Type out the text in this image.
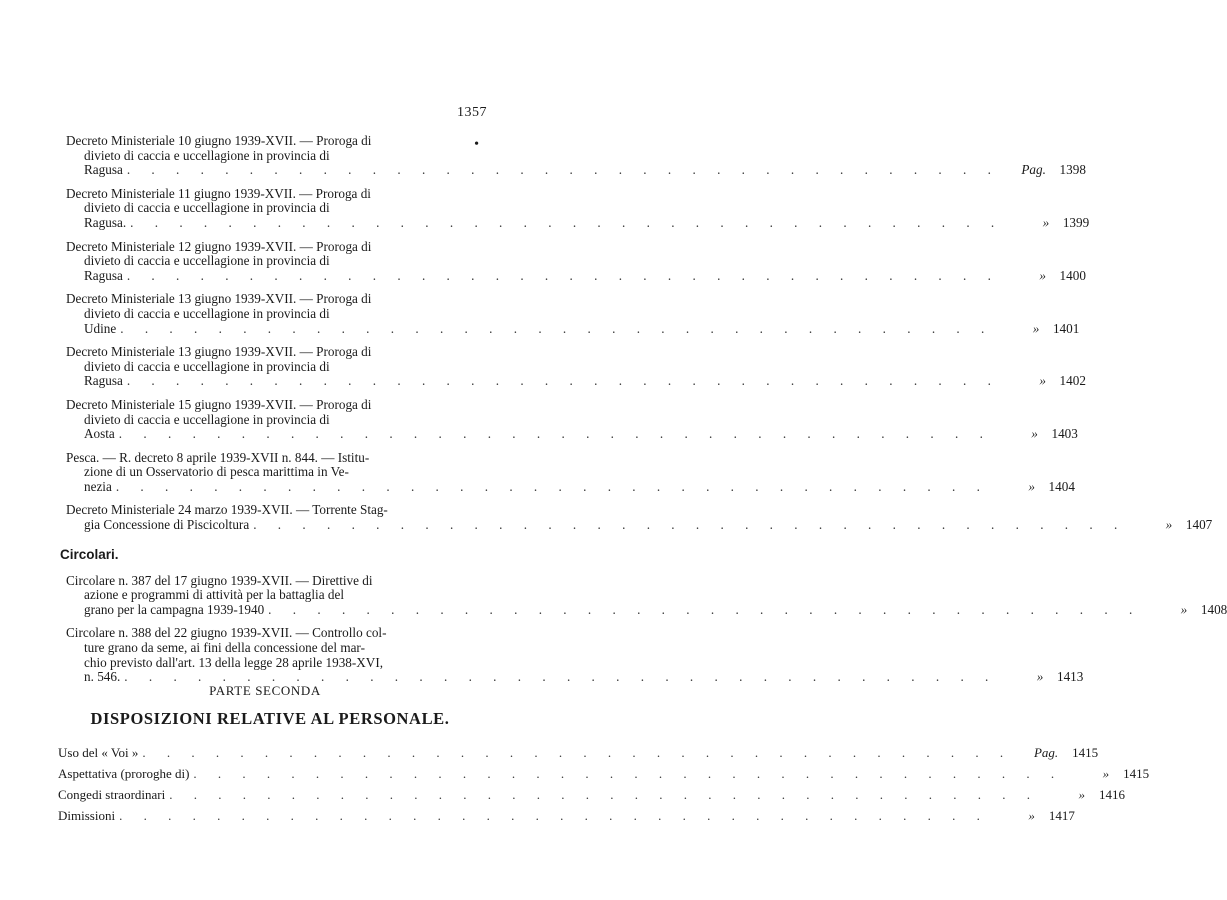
1357
•
Decreto Ministeriale 10 giugno 1939-XVII. — Proroga di
divieto di caccia e uccellagione in provincia di
Ragusa . . . . . . . . . . . . . . . . . . . . . . . . . . . . . . . . . . . .	Pag.	1398
Decreto Ministeriale 11 giugno 1939-XVII. — Proroga di
divieto di caccia e uccellagione in provincia di
Ragusa. . . . . . . . . . . . . . . . . . . . . . . . . . . . . . . . . . . . .	»	1399
Decreto Ministeriale 12 giugno 1939-XVII. — Proroga di
divieto di caccia e uccellagione in provincia di
Ragusa . . . . . . . . . . . . . . . . . . . . . . . . . . . . . . . . . . . .	»	1400
Decreto Ministeriale 13 giugno 1939-XVII. — Proroga di
divieto di caccia e uccellagione in provincia di
Udine . . . . . . . . . . . . . . . . . . . . . . . . . . . . . . . . . . . .	»	1401
Decreto Ministeriale 13 giugno 1939-XVII. — Proroga di
divieto di caccia e uccellagione in provincia di
Ragusa . . . . . . . . . . . . . . . . . . . . . . . . . . . . . . . . . . . .	»	1402
Decreto Ministeriale 15 giugno 1939-XVII. — Proroga di
divieto di caccia e uccellagione in provincia di
Aosta . . . . . . . . . . . . . . . . . . . . . . . . . . . . . . . . . . . .	»	1403
Pesca. — R. decreto 8 aprile 1939-XVII n. 844. — Istitu-
zione di un Osservatorio di pesca marittima in Ve-
nezia . . . . . . . . . . . . . . . . . . . . . . . . . . . . . . . . . . . .	»	1404
Decreto Ministeriale 24 marzo 1939-XVII. — Torrente Stag-
gia Concessione di Piscicoltura . . . . . . . . . . . . . . . . . . . . . . . . . . . . . . . . . . . .	»	1407
Circolari.
Circolare n. 387 del 17 giugno 1939-XVII. — Direttive di
azione e programmi di attività per la battaglia del
grano per la campagna 1939-1940 . . . . . . . . . . . . . . . . . . . . . . . . . . . . . . . . . . . .	»	1408
Circolare n. 388 del 22 giugno 1939-XVII. — Controllo col-
ture grano da seme, ai fini della concessione del mar-
chio previsto dall'art. 13 della legge 28 aprile 1938-XVI,
n. 546. . . . . . . . . . . . . . . . . . . . . . . . . . . . . . . . . . . . .	»	1413
PARTE SECONDA
DISPOSIZIONI RELATIVE AL PERSONALE.
Uso del « Voi » . . . . . . . . . . . . . . . . . . . . . . . . . . . . . . . . . . . .	Pag.	1415
Aspettativa (proroghe di) . . . . . . . . . . . . . . . . . . . . . . . . . . . . . . . . . . . .	»	1415
Congedi straordinari . . . . . . . . . . . . . . . . . . . . . . . . . . . . . . . . . . . .	»	1416
Dimissioni . . . . . . . . . . . . . . . . . . . . . . . . . . . . . . . . . . . .	»	1417
